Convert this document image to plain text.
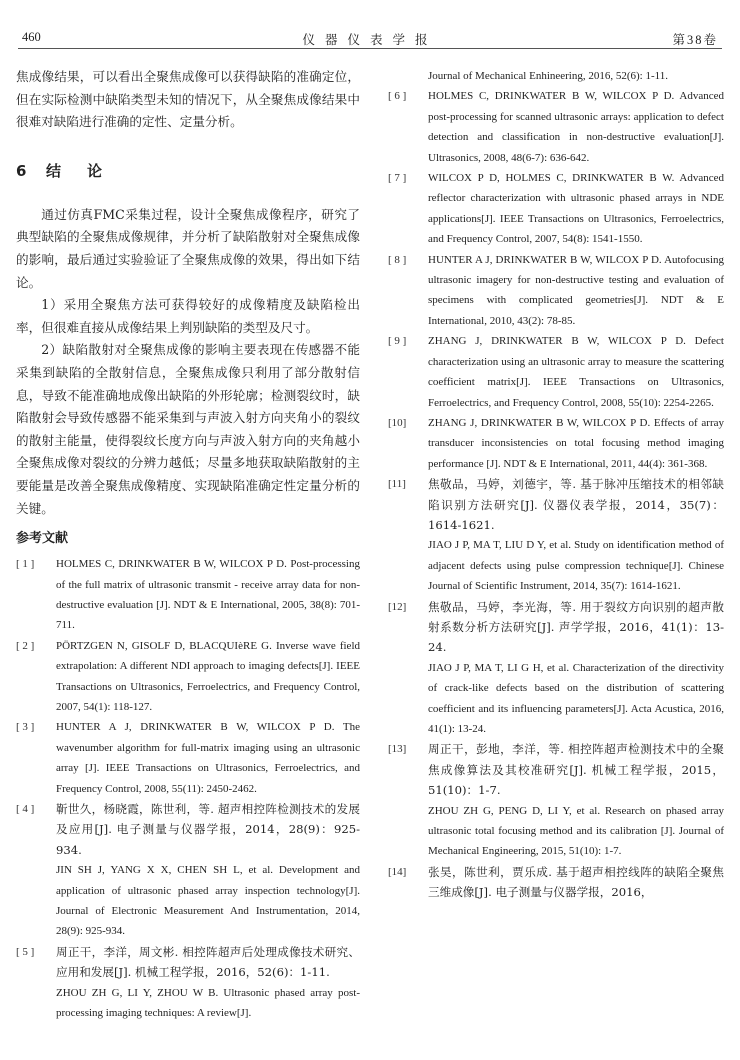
460	仪器仪表学报	第38卷

焦成像结果，可以看出全聚焦成像可以获得缺陷的准确定位，但在实际检测中缺陷类型未知的情况下，从全聚焦成像结果中很难对缺陷进行准确的定性、定量分析。

6 结论

通过仿真FMC采集过程，设计全聚焦成像程序，研究了典型缺陷的全聚焦成像规律，并分析了缺陷散射对全聚焦成像的影响，最后通过实验验证了全聚焦成像的效果，得出如下结论。

1）采用全聚焦方法可获得较好的成像精度及缺陷检出率，但很难直接从成像结果上判别缺陷的类型及尺寸。

2）缺陷散射对全聚焦成像的影响主要表现在传感器不能采集到缺陷的全散射信息，全聚焦成像只利用了部分散射信息，导致不能准确地成像出缺陷的外形轮廓；检测裂纹时，缺陷散射会导致传感器不能采集到与声波入射方向夹角小的裂纹的散射主能量，使得裂纹长度方向与声波入射方向的夹角越小全聚焦成像对裂纹的分辨力越低；尽量多地获取缺陷散射的主要能量是改善全聚焦成像精度、实现缺陷准确定性定量分析的关键。

参考文献
[ 1 ]	HOLMES C, DRINKWATER B W, WILCOX P D. Post-processing of the full matrix of ultrasonic transmit - receive array data for non-destructive evaluation [J]. NDT & E International, 2005, 38(8): 701-711.
[ 2 ]	PÖRTZGEN N, GISOLF D, BLACQUIèRE G. Inverse wave field extrapolation: A different NDI approach to imaging defects[J]. IEEE Transactions on Ultrasonics, Ferroelectrics, and Frequency Control, 2007, 54(1): 118-127.
[ 3 ]	HUNTER A J, DRINKWATER B W, WILCOX P D. The wavenumber algorithm for full-matrix imaging using an ultrasonic array [J]. IEEE Transactions on Ultrasonics, Ferroelectrics, and Frequency Control, 2008, 55(11): 2450-2462.
[ 4 ]	靳世久，杨晓霞，陈世利，等. 超声相控阵检测技术的发展及应用[J]. 电子测量与仪器学报，2014，28(9)：925-934.
JIN SH J, YANG X X, CHEN SH L, et al. Development and application of ultrasonic phased array inspection technology[J]. Journal of Electronic Measurement And Instrumentation, 2014, 28(9): 925-934.
[ 5 ]	周正干，李洋，周文彬. 相控阵超声后处理成像技术研究、应用和发展[J]. 机械工程学报，2016，52(6)：1-11.
ZHOU ZH G, LI Y, ZHOU W B. Ultrasonic phased array post-processing imaging techniques: A review[J].
Journal of Mechanical Enhineering, 2016, 52(6): 1-11.
[ 6 ]	HOLMES C, DRINKWATER B W, WILCOX P D. Advanced post-processing for scanned ultrasonic arrays: application to defect detection and classification in non-destructive evaluation[J]. Ultrasonics, 2008, 48(6-7): 636-642.
[ 7 ]	WILCOX P D, HOLMES C, DRINKWATER B W. Advanced reflector characterization with ultrasonic phased arrays in NDE applications[J]. IEEE Transactions on Ultrasonics, Ferroelectrics, and Frequency Control, 2007, 54(8): 1541-1550.
[ 8 ]	HUNTER A J, DRINKWATER B W, WILCOX P D. Autofocusing ultrasonic imagery for non-destructive testing and evaluation of specimens with complicated geometries[J]. NDT & E International, 2010, 43(2): 78-85.
[ 9 ]	ZHANG J, DRINKWATER B W, WILCOX P D. Defect characterization using an ultrasonic array to measure the scattering coefficient matrix[J]. IEEE Transactions on Ultrasonics, Ferroelectrics, and Frequency Control, 2008, 55(10): 2254-2265.
[10]	ZHANG J, DRINKWATER B W, WILCOX P D. Effects of array transducer inconsistencies on total focusing method imaging performance [J]. NDT & E International, 2011, 44(4): 361-368.
[11]	焦敬品，马婷，刘德宇，等. 基于脉冲压缩技术的相邻缺陷识别方法研究[J]. 仪器仪表学报，2014，35(7)：1614-1621.
JIAO J P, MA T, LIU D Y, et al. Study on identification method of adjacent defects using pulse compression technique[J]. Chinese Journal of Scientific Instrument, 2014, 35(7): 1614-1621.
[12]	焦敬品，马婷，李光海，等. 用于裂纹方向识别的超声散射系数分析方法研究[J]. 声学学报，2016，41(1)：13-24.
JIAO J P, MA T, LI G H, et al. Characterization of the directivity of crack-like defects based on the distribution of scattering coefficient and its influencing parameters[J]. Acta Acustica, 2016, 41(1): 13-24.
[13]	周正干，彭地，李洋，等. 相控阵超声检测技术中的全聚焦成像算法及其校准研究[J]. 机械工程学报，2015，51(10)：1-7.
ZHOU ZH G, PENG D, LI Y, et al. Research on phased array ultrasonic total focusing method and its calibration [J]. Journal of Mechanical Engineering, 2015, 51(10): 1-7.
[14]	张昊，陈世利，贾乐成. 基于超声相控线阵的缺陷全聚焦三维成像[J]. 电子测量与仪器学报，2016，
